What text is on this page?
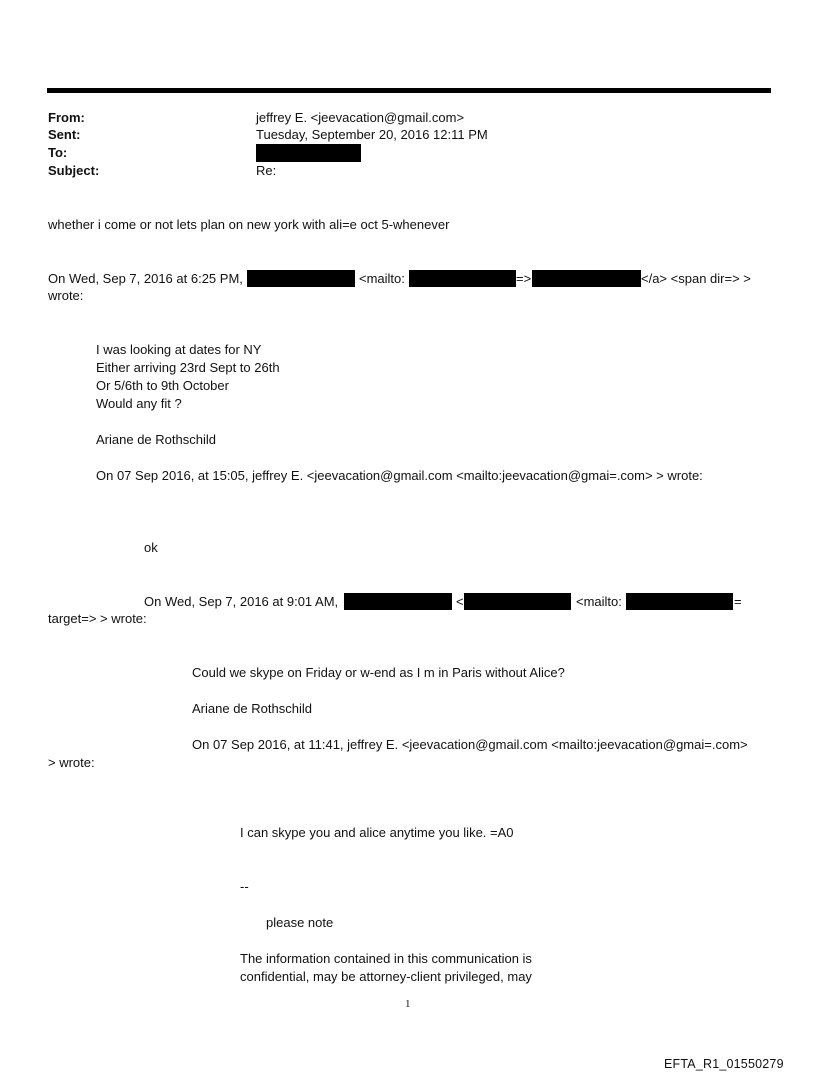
From:	jeffrey E. <jeevacation@gmail.com>
Sent:	Tuesday, September 20, 2016 12:11 PM
To:
Subject:	Re:
whether i come or not lets plan on new york with ali=e oct 5-whenever
On Wed, Sep 7, 2016 at 6:25 PM,	<mailto:	=>	</a> <span dir=> >
wrote:
I was looking at dates for NY
Either arriving 23rd Sept to 26th
Or 5/6th to 9th October
Would any fit ?
Ariane de Rothschild
On 07 Sep 2016, at 15:05, jeffrey E. <jeevacation@gmail.com <mailto:jeevacation@gmai=.com> > wrote:
ok
On Wed, Sep 7, 2016 at 9:01 AM,	<	<mailto:	=
target=> > wrote:
Could we skype on Friday or w-end as I m in Paris without Alice?
Ariane de Rothschild
On 07 Sep 2016, at 11:41, jeffrey E. <jeevacation@gmail.com <mailto:jeevacation@gmai=.com>
> wrote:
I can skype you and alice anytime you like. =A0
--
please note
The information contained in this communication is
confidential, may be attorney-client privileged, may
1
EFTA_R1_01550279
